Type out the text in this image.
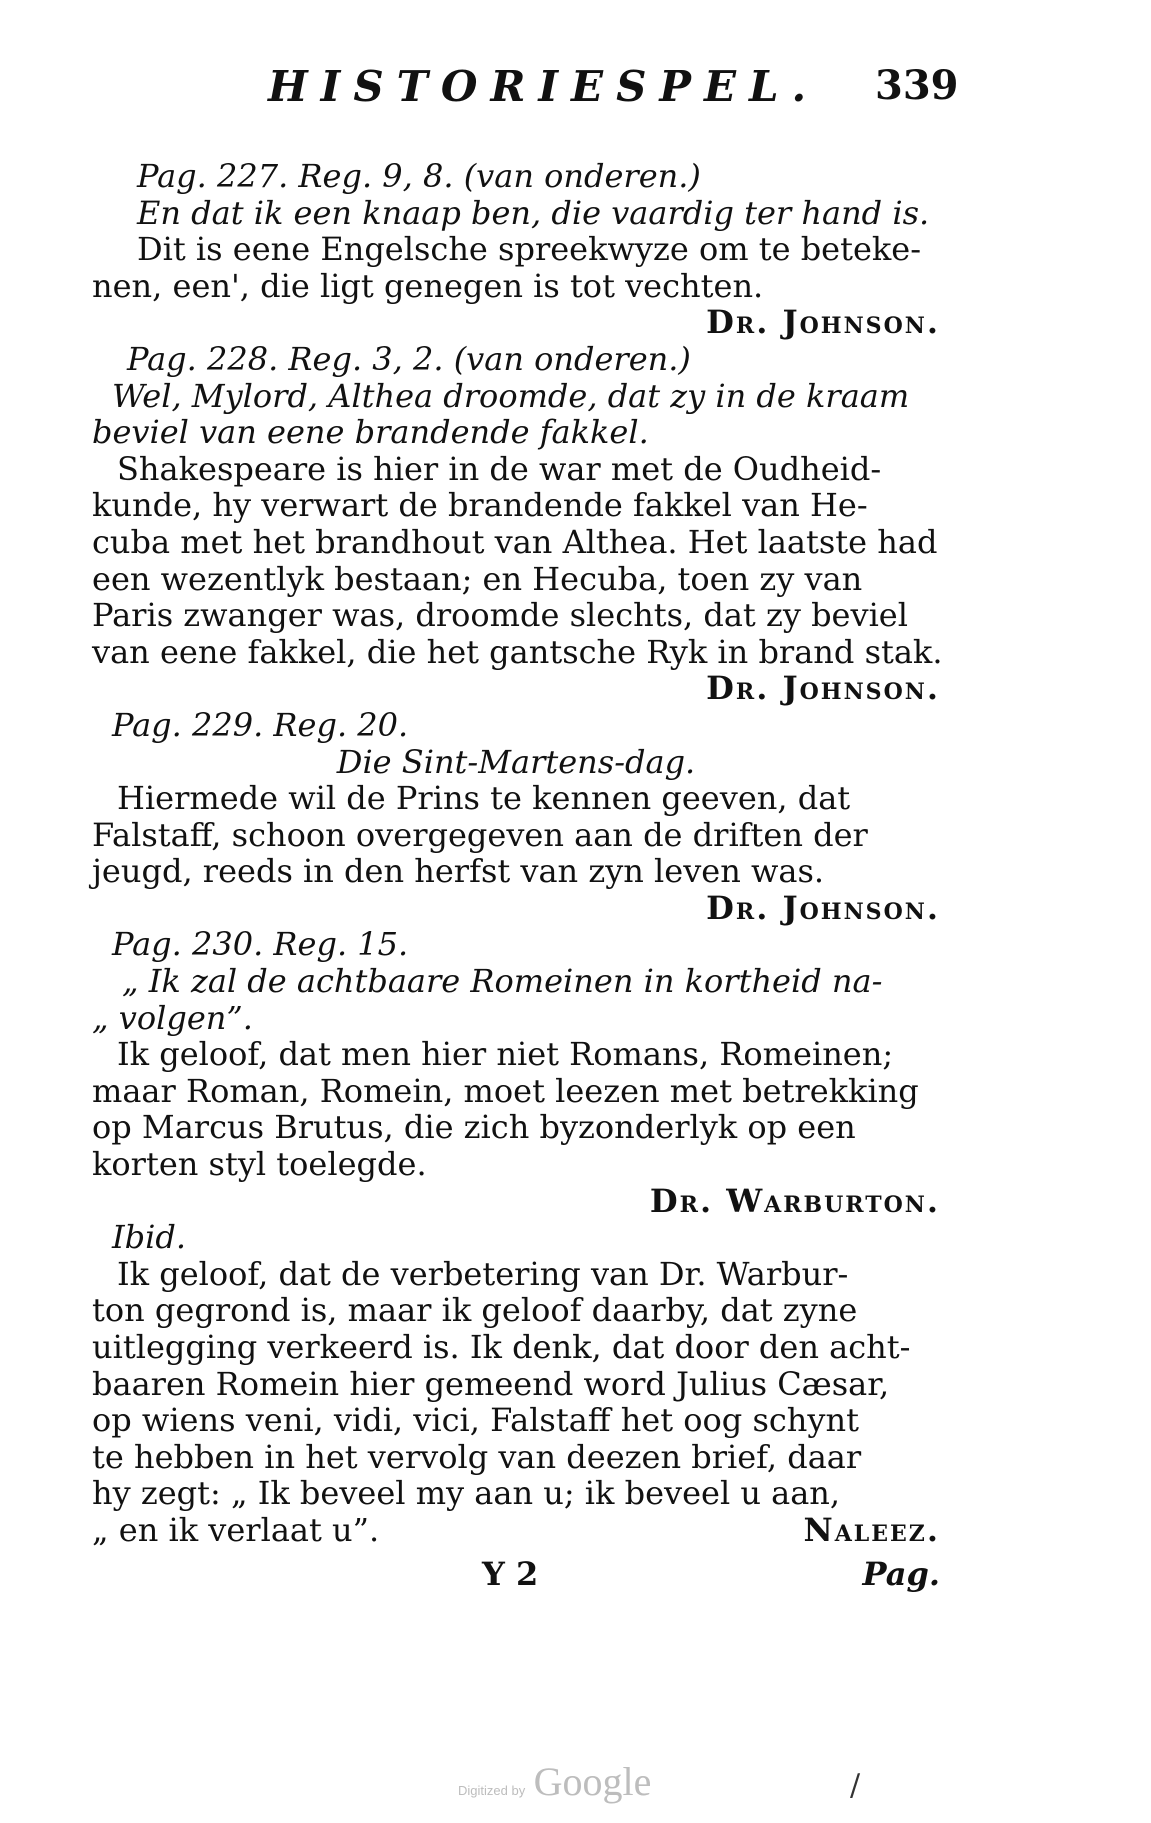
HISTORIESPEL. 339
Pag. 227. Reg. 9, 8. (van onderen.)
En dat ik een knaap ben, die vaardig ter hand is.
Dit is eene Engelsche spreekwyze om te beteke-
nen, een', die ligt genegen is tot vechten.
Dr. Johnson.
Pag. 228. Reg. 3, 2. (van onderen.)
Wel, Mylord, Althea droomde, dat zy in de kraam
beviel van eene brandende fakkel.
Shakespeare is hier in de war met de Oudheid-
kunde, hy verwart de brandende fakkel van He-
cuba met het brandhout van Althea. Het laatste had
een wezentlyk bestaan; en Hecuba, toen zy van
Paris zwanger was, droomde slechts, dat zy beviel
van eene fakkel, die het gantsche Ryk in brand stak.
Dr. Johnson.
Pag. 229. Reg. 20.
Die Sint-Martens-dag.
Hiermede wil de Prins te kennen geeven, dat
Falstaff, schoon overgegeven aan de driften der
jeugd, reeds in den herfst van zyn leven was.
Dr. Johnson.
Pag. 230. Reg. 15.
„ Ik zal de achtbaare Romeinen in kortheid na-
„ volgen”.
Ik geloof, dat men hier niet Romans, Romeinen;
maar Roman, Romein, moet leezen met betrekking
op Marcus Brutus, die zich byzonderlyk op een
korten styl toelegde.
Dr. Warburton.
Ibid.
Ik geloof, dat de verbetering van Dr. Warbur-
ton gegrond is, maar ik geloof daarby, dat zyne
uitlegging verkeerd is. Ik denk, dat door den acht-
baaren Romein hier gemeend word Julius Cæsar,
op wiens veni, vidi, vici, Falstaff het oog schynt
te hebben in het vervolg van deezen brief, daar
hy zegt: „ Ik beveel my aan u; ik beveel u aan,
„ en ik verlaat u”.	Naleez.
Y 2	Pag.
Digitized by Google	/
